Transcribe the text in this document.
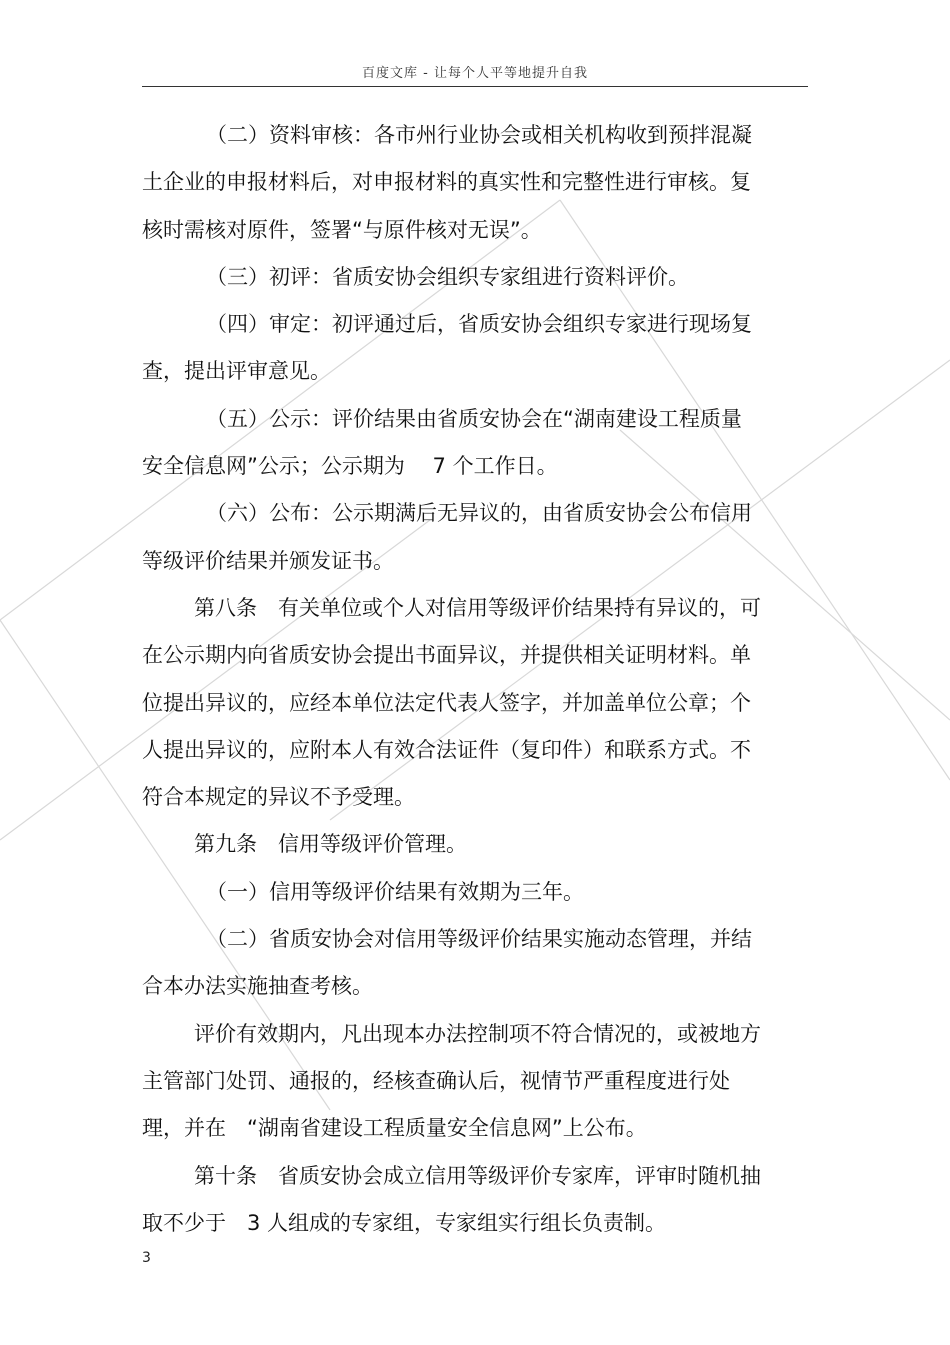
百度文库 - 让每个人平等地提升自我

（二）资料审核：各市州行业协会或相关机构收到预拌混凝土企业的申报材料后，对申报材料的真实性和完整性进行审核。复核时需核对原件，签署“与原件核对无误”。

（三）初评：省质安协会组织专家组进行资料评价。

（四）审定：初评通过后，省质安协会组织专家进行现场复查，提出评审意见。

（五）公示：评价结果由省质安协会在“湖南建设工程质量安全信息网”公示；公示期为　 7 个工作日。

（六）公布：公示期满后无异议的，由省质安协会公布信用等级评价结果并颁发证书。

第八条　有关单位或个人对信用等级评价结果持有异议的，可在公示期内向省质安协会提出书面异议，并提供相关证明材料。单位提出异议的，应经本单位法定代表人签字，并加盖单位公章；个人提出异议的，应附本人有效合法证件（复印件）和联系方式。不符合本规定的异议不予受理。

第九条　信用等级评价管理。

（一）信用等级评价结果有效期为三年。

（二）省质安协会对信用等级评价结果实施动态管理，并结合本办法实施抽查考核。

评价有效期内，凡出现本办法控制项不符合情况的，或被地方主管部门处罚、通报的，经核查确认后，视情节严重程度进行处理，并在　“湖南省建设工程质量安全信息网”上公布。

第十条　省质安协会成立信用等级评价专家库，评审时随机抽取不少于　3 人组成的专家组，专家组实行组长负责制。

3
